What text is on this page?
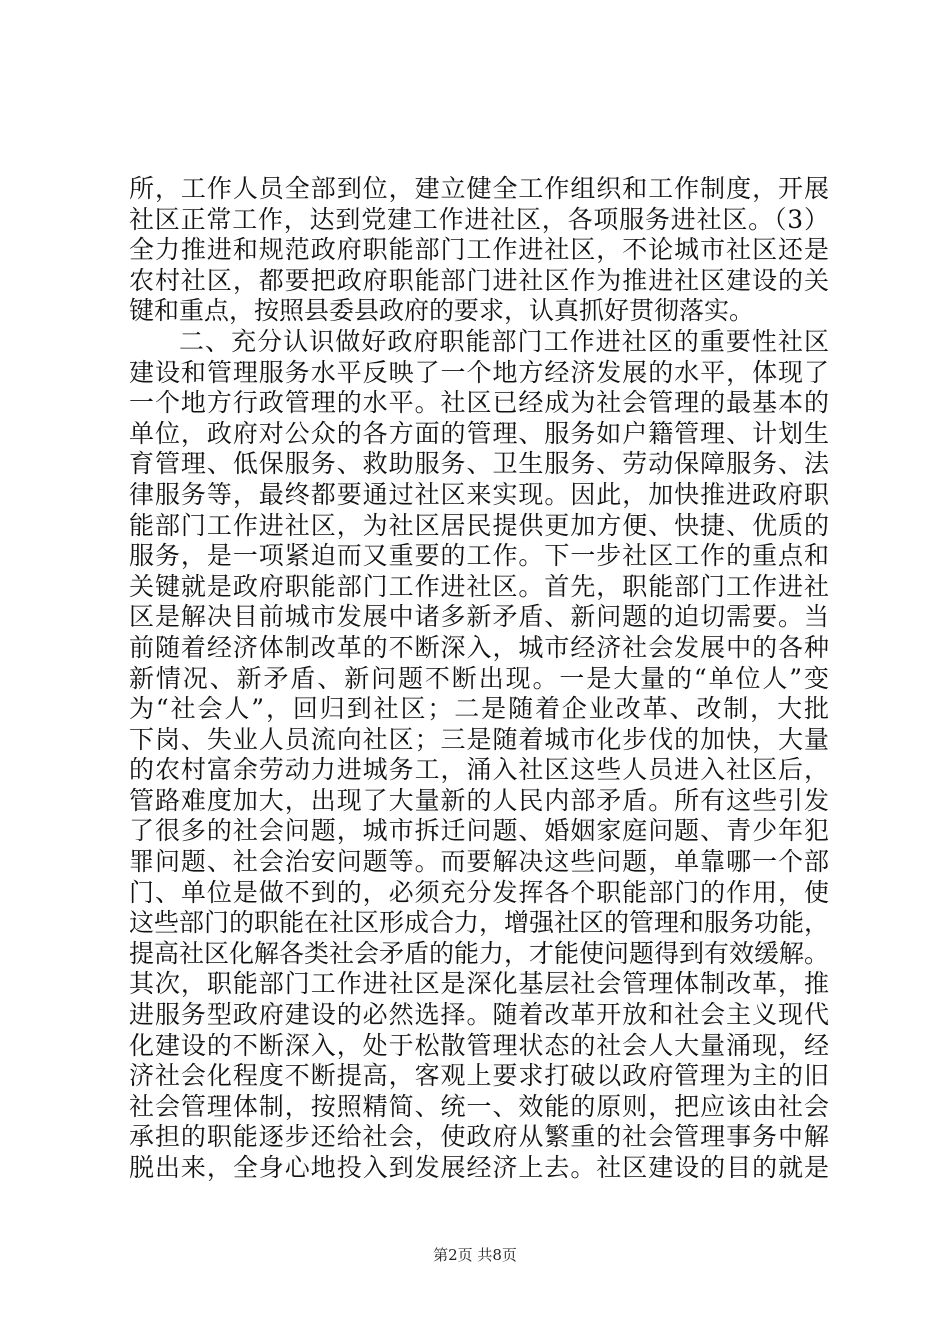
所，工作人员全部到位，建立健全工作组织和工作制度，开展
社区正常工作，达到党建工作进社区，各项服务进社区。（3）
全力推进和规范政府职能部门工作进社区，不论城市社区还是
农村社区，都要把政府职能部门进社区作为推进社区建设的关
键和重点，按照县委县政府的要求，认真抓好贯彻落实。
二、充分认识做好政府职能部门工作进社区的重要性社区
建设和管理服务水平反映了一个地方经济发展的水平，体现了
一个地方行政管理的水平。社区已经成为社会管理的最基本的
单位，政府对公众的各方面的管理、服务如户籍管理、计划生
育管理、低保服务、救助服务、卫生服务、劳动保障服务、法
律服务等，最终都要通过社区来实现。因此，加快推进政府职
能部门工作进社区，为社区居民提供更加方便、快捷、优质的
服务，是一项紧迫而又重要的工作。下一步社区工作的重点和
关键就是政府职能部门工作进社区。首先，职能部门工作进社
区是解决目前城市发展中诸多新矛盾、新问题的迫切需要。当
前随着经济体制改革的不断深入，城市经济社会发展中的各种
新情况、新矛盾、新问题不断出现。一是大量的“单位人”变
为“社会人”，回归到社区；二是随着企业改革、改制，大批
下岗、失业人员流向社区；三是随着城市化步伐的加快，大量
的农村富余劳动力进城务工，涌入社区这些人员进入社区后，
管路难度加大，出现了大量新的人民内部矛盾。所有这些引发
了很多的社会问题，城市拆迁问题、婚姻家庭问题、青少年犯
罪问题、社会治安问题等。而要解决这些问题，单靠哪一个部
门、单位是做不到的，必须充分发挥各个职能部门的作用，使
这些部门的职能在社区形成合力，增强社区的管理和服务功能，
提高社区化解各类社会矛盾的能力，才能使问题得到有效缓解。
其次，职能部门工作进社区是深化基层社会管理体制改革，推
进服务型政府建设的必然选择。随着改革开放和社会主义现代
化建设的不断深入，处于松散管理状态的社会人大量涌现，经
济社会化程度不断提高，客观上要求打破以政府管理为主的旧
社会管理体制，按照精简、统一、效能的原则，把应该由社会
承担的职能逐步还给社会，使政府从繁重的社会管理事务中解
脱出来，全身心地投入到发展经济上去。社区建设的目的就是
第2页 共8页
